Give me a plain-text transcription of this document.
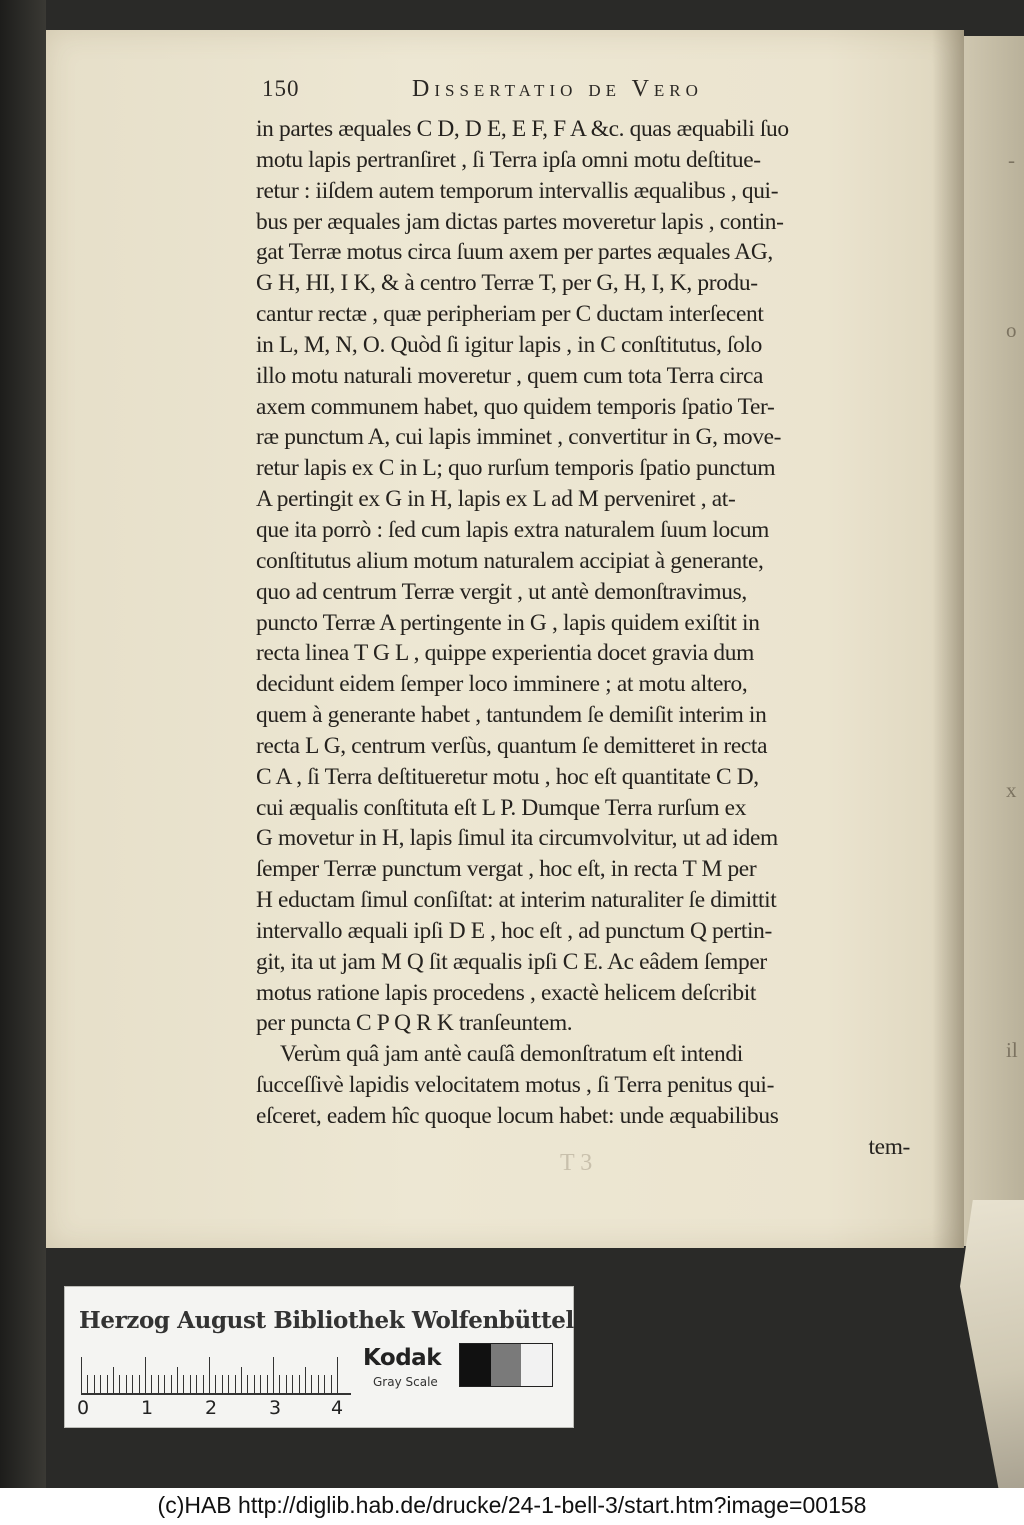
-
o
x
il
150	Dissertatio de Vero
in partes æquales C D, D E, E F, F A &c. quas æquabili ſuo
motu lapis pertranſiret , ſi Terra ipſa omni motu deſtitue-
retur : iiſdem autem temporum intervallis æqualibus , qui-
bus per æquales jam dictas partes moveretur lapis , contin-
gat Terræ motus circa ſuum axem per partes æquales AG,
G H, HI, I K, & à centro Terræ T, per G, H, I, K, produ-
cantur rectæ , quæ peripheriam per C ductam interſecent
in L, M, N, O. Quòd ſi igitur lapis , in C conſtitutus, ſolo
illo motu naturali moveretur , quem cum tota Terra circa
axem communem habet, quo quidem temporis ſpatio Ter-
ræ punctum A, cui lapis imminet , convertitur in G, move-
retur lapis ex C in L; quo rurſum temporis ſpatio punctum
A pertingit ex G in H, lapis ex L ad M perveniret , at-
que ita porrò : ſed cum lapis extra naturalem ſuum locum
conſtitutus alium motum naturalem accipiat à generante,
quo ad centrum Terræ vergit , ut antè demonſtravimus,
puncto Terræ A pertingente in G , lapis quidem exiſtit in
recta linea T G L , quippe experientia docet gravia dum
decidunt eidem ſemper loco imminere ; at motu altero,
quem à generante habet , tantundem ſe demiſit interim in
recta L G, centrum verſùs, quantum ſe demitteret in recta
C A , ſi Terra deſtitueretur motu , hoc eſt quantitate C D,
cui æqualis conſtituta eſt L P. Dumque Terra rurſum ex
G movetur in H, lapis ſimul ita circumvolvitur, ut ad idem
ſemper Terræ punctum vergat , hoc eſt, in recta T M per
H eductam ſimul conſiſtat: at interim naturaliter ſe dimittit
intervallo æquali ipſi D E , hoc eſt , ad punctum Q pertin-
git, ita ut jam M Q ſit æqualis ipſi C E. Ac eâdem ſemper
motus ratione lapis procedens , exactè helicem deſcribit
per puncta C P Q R K tranſeuntem.
Verùm quâ jam antè cauſâ demonſtratum eſt intendi
ſucceſſivè lapidis velocitatem motus , ſi Terra penitus qui-
eſceret, eadem hîc quoque locum habet: unde æquabilibus
tem-
T 3
Herzog August Bibliothek Wolfenbüttel
0	1	2	3	4
Kodak
Gray Scale
(c)HAB http://diglib.hab.de/drucke/24-1-bell-3/start.htm?image=00158
